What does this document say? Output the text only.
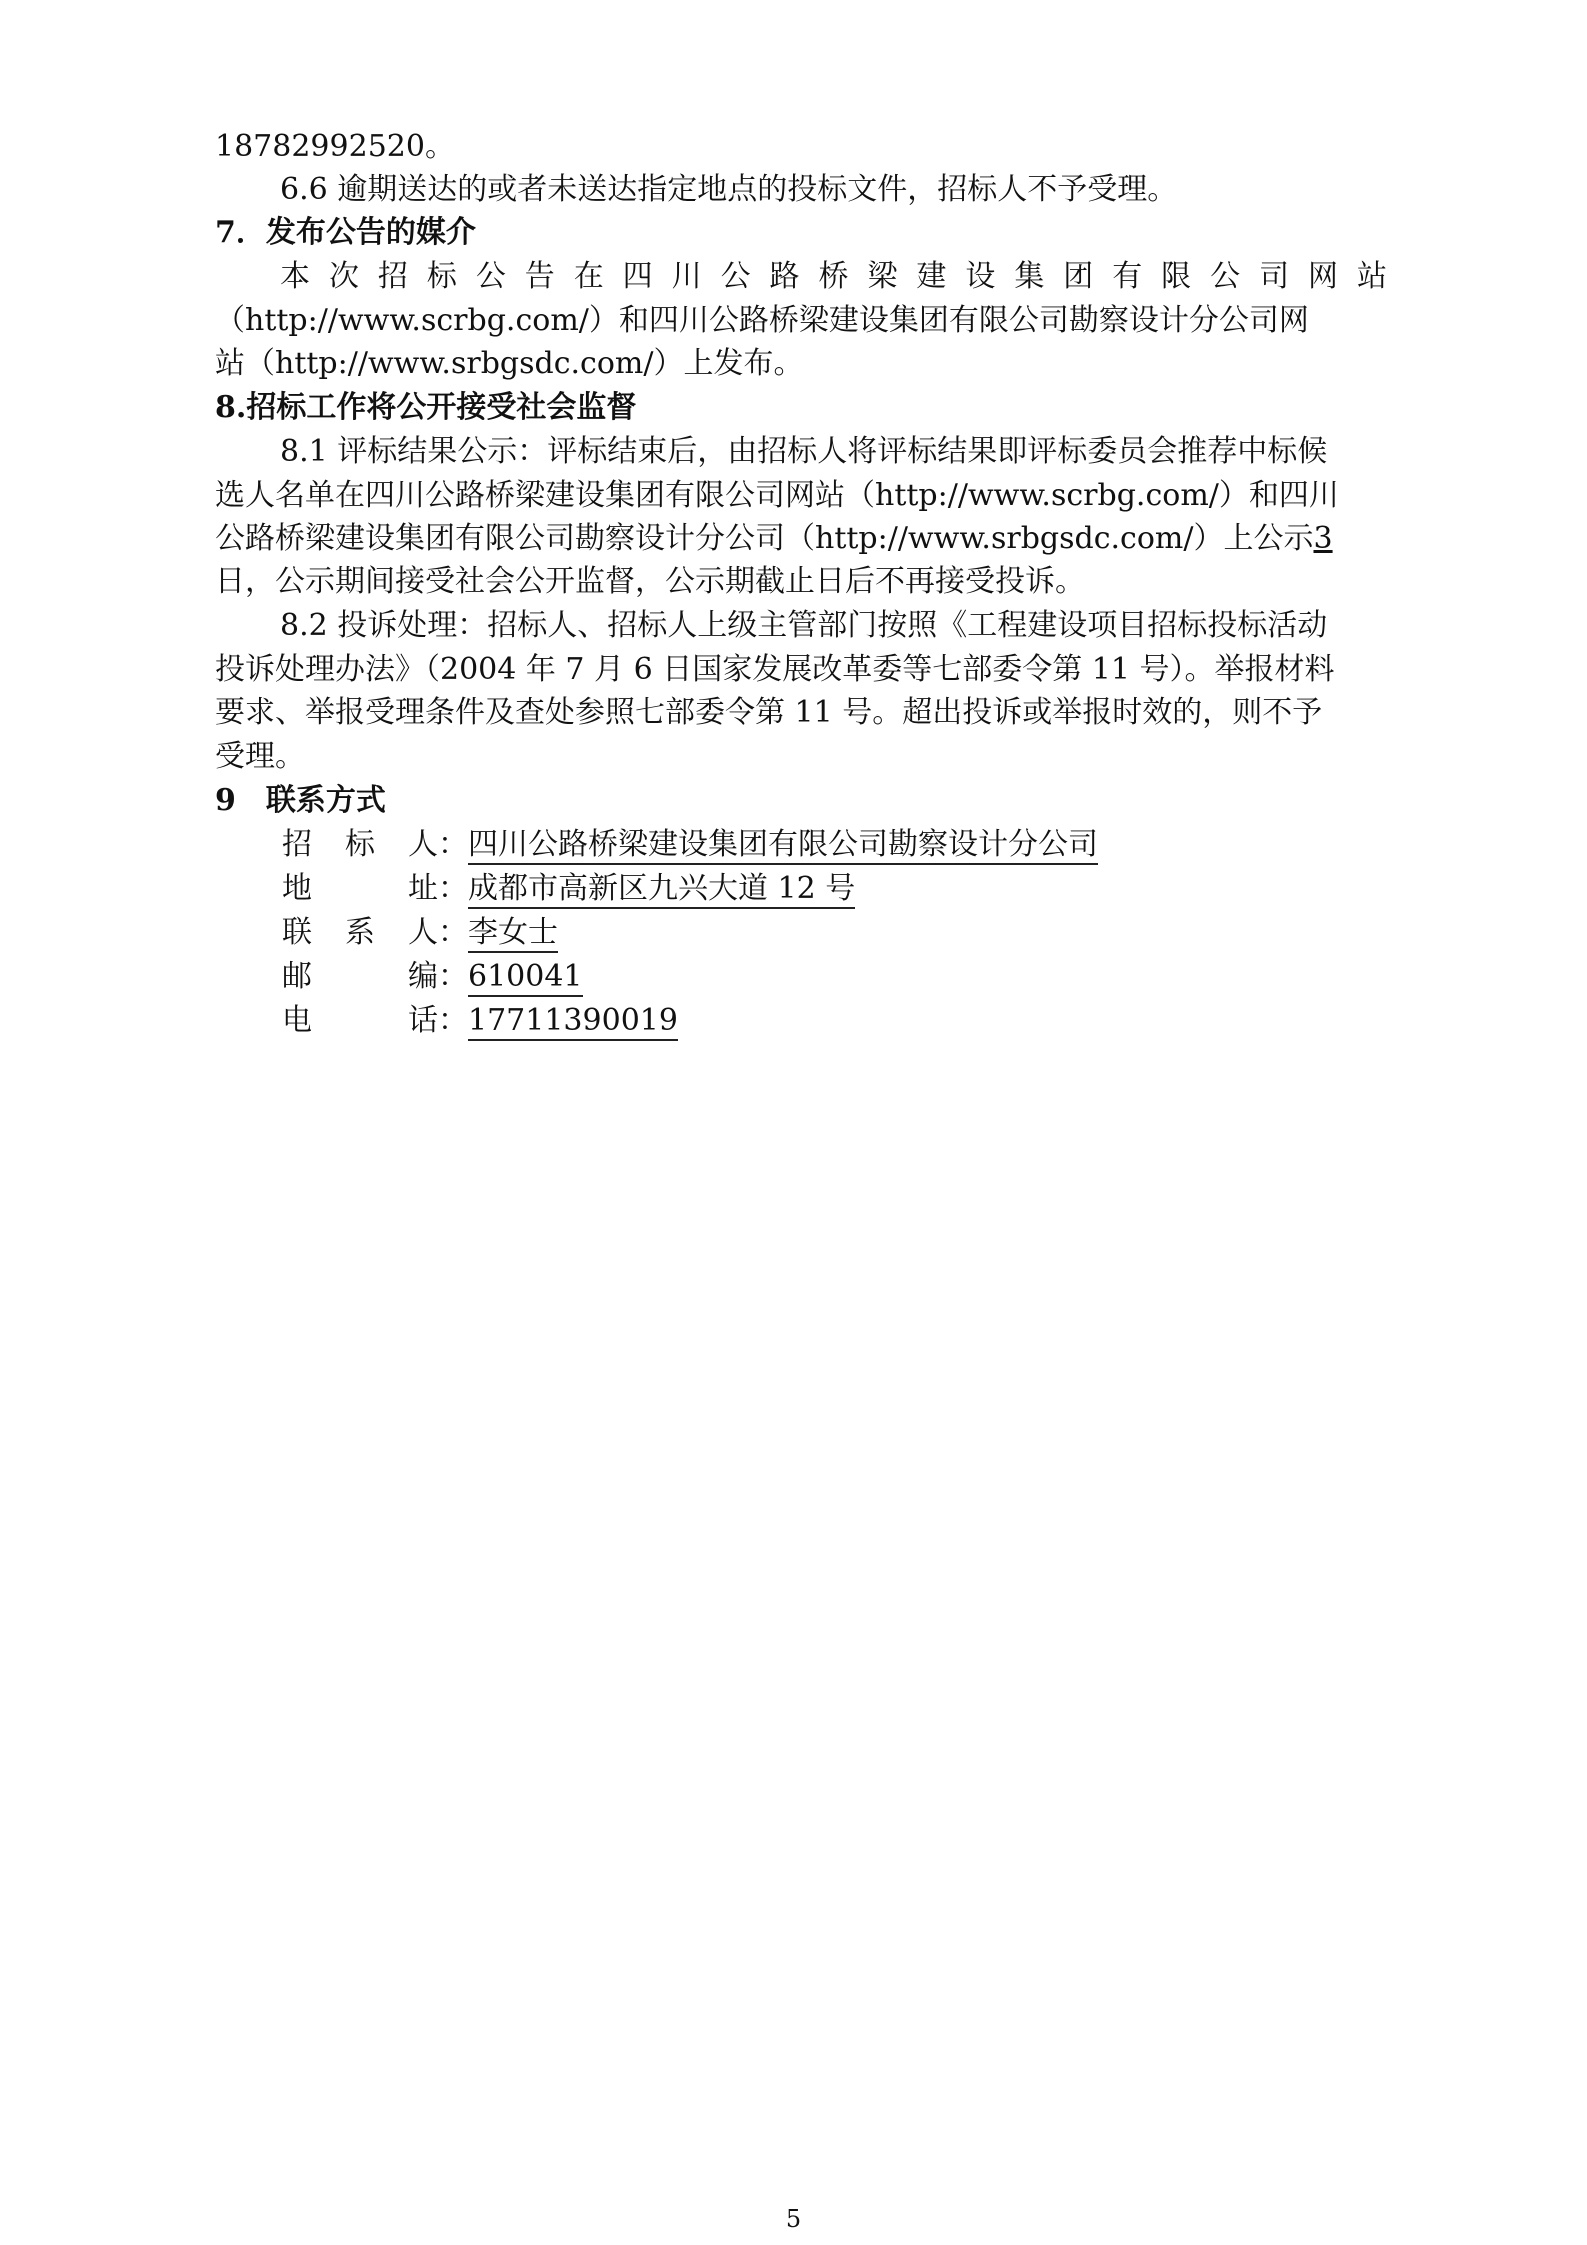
18782992520。
6.6 逾期送达的或者未送达指定地点的投标文件，招标人不予受理。
7．发布公告的媒介
本次招标公告在四川公路桥梁建设集团有限公司网站
（http://www.scrbg.com/）和四川公路桥梁建设集团有限公司勘察设计分公司网
站（http://www.srbgsdc.com/）上发布。
8.招标工作将公开接受社会监督
8.1 评标结果公示：评标结束后，由招标人将评标结果即评标委员会推荐中标候
选人名单在四川公路桥梁建设集团有限公司网站（http://www.scrbg.com/）和四川
公路桥梁建设集团有限公司勘察设计分公司（http://www.srbgsdc.com/）上公示3
日，公示期间接受社会公开监督，公示期截止日后不再接受投诉。
8.2 投诉处理：招标人、招标人上级主管部门按照《工程建设项目招标投标活动
投诉处理办法》（2004 年 7 月 6 日国家发展改革委等七部委令第 11 号）。举报材料
要求、举报受理条件及查处参照七部委令第 11 号。超出投诉或举报时效的，则不予
受理。
9　联系方式
招标人：四川公路桥梁建设集团有限公司勘察设计分公司
地址：成都市高新区九兴大道 12 号
联系人：李女士
邮编：610041
电话：17711390019
5
